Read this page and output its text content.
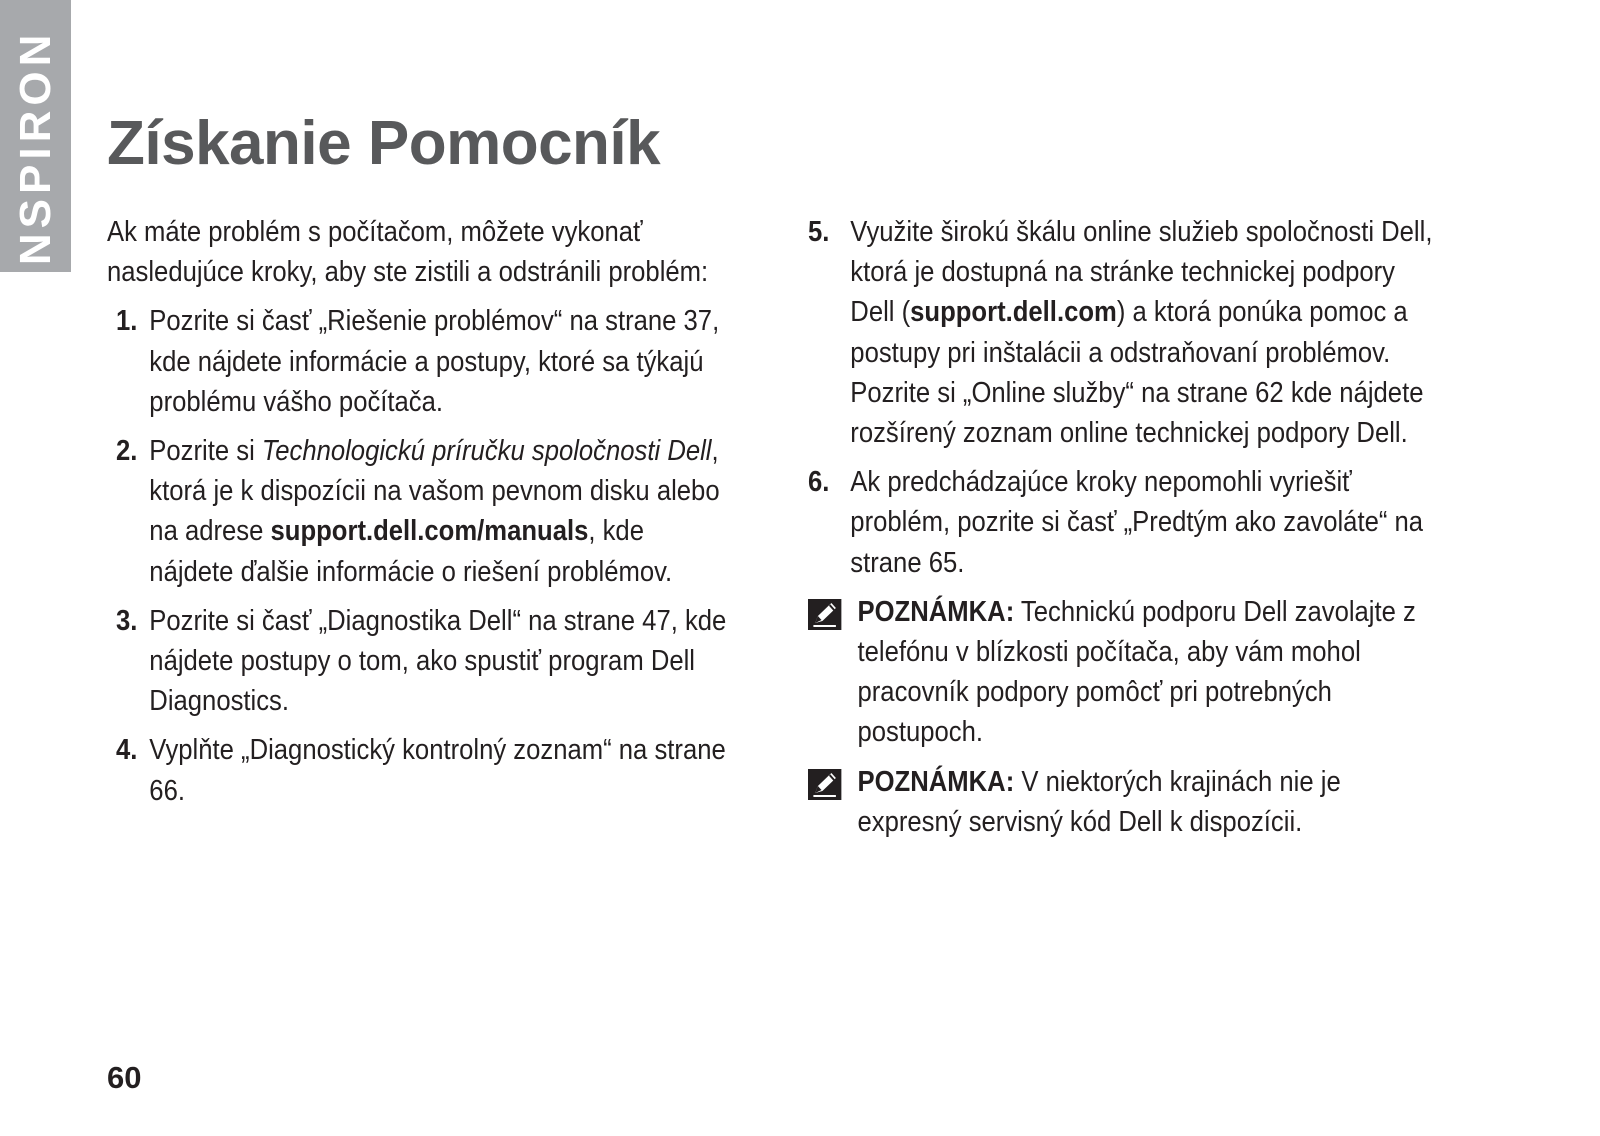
INSPIRON Získanie Pomocník

Ak máte problém s počítačom, môžete vykonať nasledujúce kroky, aby ste zistili a odstránili problém:

1. Pozrite si časť „Riešenie problémov“ na strane 37, kde nájdete informácie a postupy, ktoré sa týkajú problému vášho počítača.
2. Pozrite si Technologickú príručku spoločnosti Dell, ktorá je k dispozícii na vašom pevnom disku alebo na adrese support.dell.com/manuals, kde nájdete ďalšie informácie o riešení problémov.
3. Pozrite si časť „Diagnostika Dell“ na strane 47, kde nájdete postupy o tom, ako spustiť program Dell Diagnostics.
4. Vyplňte „Diagnostický kontrolný zoznam“ na strane 66.
5. Využite širokú škálu online služieb spoločnosti Dell, ktorá je dostupná na stránke technickej podpory Dell (support.dell.com) a ktorá ponúka pomoc a postupy pri inštalácii a odstraňovaní problémov. Pozrite si „Online služby“ na strane 62 kde nájdete rozšírený zoznam online technickej podpory Dell.
6. Ak predchádzajúce kroky nepomohli vyriešiť problém, pozrite si časť „Predtým ako zavoláte“ na strane 65.
POZNÁMKA: Technickú podporu Dell zavolajte z telefónu v blízkosti počítača, aby vám mohol pracovník podpory pomôcť pri potrebných postupoch.
POZNÁMKA: V niektorých krajinách nie je expresný servisný kód Dell k dispozícii.
60
